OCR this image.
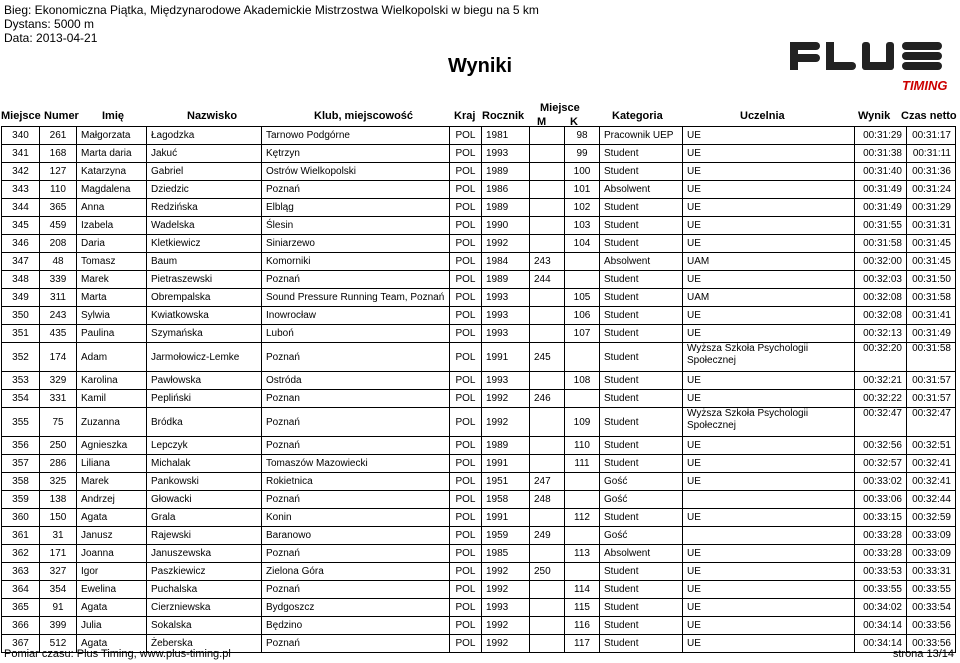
Bieg: Ekonomiczna Piątka, Międzynarodowe Akademickie Mistrzostwa Wielkopolski w biegu na 5 km
Dystans: 5000 m
Data: 2013-04-21
Wyniki
TIMING
Miejsce Numer Imię	Nazwisko	Klub, miejscowość	Kraj Rocznik
Miejsce
M K	Kategoria	Uczelnia	Wynik Czas netto
340	261	Małgorzata	Łagodzka	Tarnowo Podgórne	POL	1981		98	Pracownik UEP	UE	00:31:29	00:31:17
341	168	Marta daria	Jakuć	Kętrzyn	POL	1993		99	Student	UE	00:31:38	00:31:11
342	127	Katarzyna	Gabriel	Ostrów Wielkopolski	POL	1989		100	Student	UE	00:31:40	00:31:36
343	110	Magdalena	Dziedzic	Poznań	POL	1986		101	Absolwent	UE	00:31:49	00:31:24
344	365	Anna	Redzińska	Elbląg	POL	1989		102	Student	UE	00:31:49	00:31:29
345	459	Izabela	Wadelska	Ślesin	POL	1990		103	Student	UE	00:31:55	00:31:31
346	208	Daria	Kletkiewicz	Siniarzewo	POL	1992		104	Student	UE	00:31:58	00:31:45
347	48	Tomasz	Baum	Komorniki	POL	1984	243		Absolwent	UAM	00:32:00	00:31:45
348	339	Marek	Pietraszewski	Poznań	POL	1989	244		Student	UE	00:32:03	00:31:50
349	311	Marta	Obrempalska	Sound Pressure Running Team, Poznań	POL	1993		105	Student	UAM	00:32:08	00:31:58
350	243	Sylwia	Kwiatkowska	Inowrocław	POL	1993		106	Student	UE	00:32:08	00:31:41
351	435	Paulina	Szymańska	Luboń	POL	1993		107	Student	UE	00:32:13	00:31:49
352	174	Adam	Jarmołowicz-Lemke	Poznań	POL	1991	245		Student	Wyższa Szkoła Psychologii Społecznej	00:32:20	00:31:58
353	329	Karolina	Pawłowska	Ostróda	POL	1993		108	Student	UE	00:32:21	00:31:57
354	331	Kamil	Pepliński	Poznan	POL	1992	246		Student	UE	00:32:22	00:31:57
355	75	Zuzanna	Bródka	Poznań	POL	1992		109	Student	Wyższa Szkoła Psychologii Społecznej	00:32:47	00:32:47
356	250	Agnieszka	Lepczyk	Poznań	POL	1989		110	Student	UE	00:32:56	00:32:51
357	286	Liliana	Michalak	Tomaszów Mazowiecki	POL	1991		111	Student	UE	00:32:57	00:32:41
358	325	Marek	Pankowski	Rokietnica	POL	1951	247		Gość	UE	00:33:02	00:32:41
359	138	Andrzej	Głowacki	Poznań	POL	1958	248		Gość		00:33:06	00:32:44
360	150	Agata	Grala	Konin	POL	1991		112	Student	UE	00:33:15	00:32:59
361	31	Janusz	Rajewski	Baranowo	POL	1959	249		Gość		00:33:28	00:33:09
362	171	Joanna	Januszewska	Poznań	POL	1985		113	Absolwent	UE	00:33:28	00:33:09
363	327	Igor	Paszkiewicz	Zielona Góra	POL	1992	250		Student	UE	00:33:53	00:33:31
364	354	Ewelina	Puchalska	Poznań	POL	1992		114	Student	UE	00:33:55	00:33:55
365	91	Agata	Cierzniewska	Bydgoszcz	POL	1993		115	Student	UE	00:34:02	00:33:54
366	399	Julia	Sokalska	Będzino	POL	1992		116	Student	UE	00:34:14	00:33:56
367	512	Agata	Żeberska	Poznań	POL	1992		117	Student	UE	00:34:14	00:33:56
Pomiar czasu: Plus Timing, www.plus-timing.pl	strona 13/14
